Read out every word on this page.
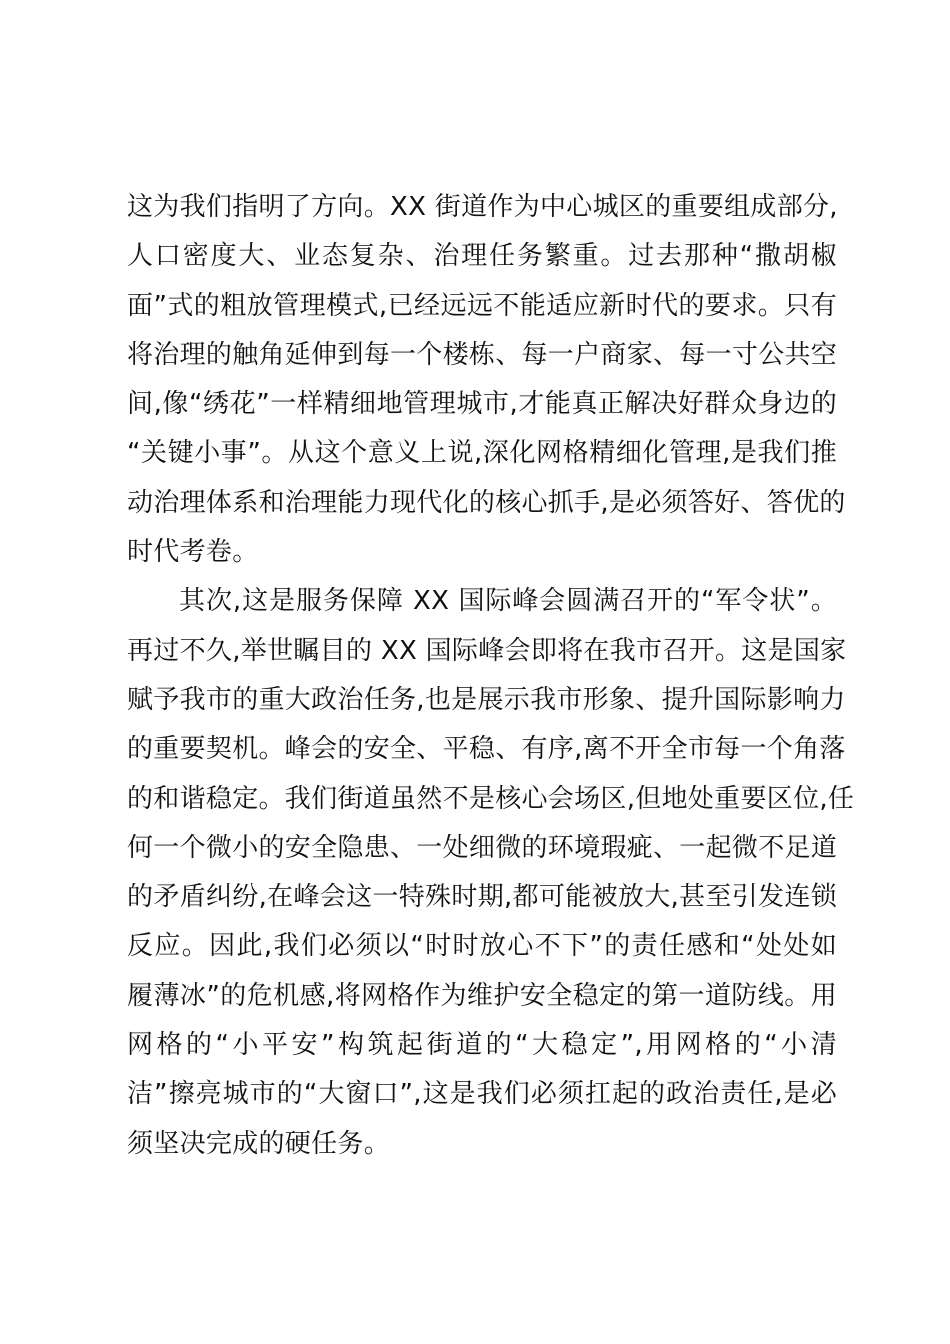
这为我们指明了方向。XX 街道作为中心城区的重要组成部分,
人口密度大、业态复杂、治理任务繁重。过去那种“撒胡椒
面”式的粗放管理模式,已经远远不能适应新时代的要求。只有
将治理的触角延伸到每一个楼栋、每一户商家、每一寸公共空
间,像“绣花”一样精细地管理城市,才能真正解决好群众身边的
“关键小事”。从这个意义上说,深化网格精细化管理,是我们推
动治理体系和治理能力现代化的核心抓手,是必须答好、答优的
时代考卷。

其次,这是服务保障 XX 国际峰会圆满召开的“军令状”。
再过不久,举世瞩目的 XX 国际峰会即将在我市召开。这是国家
赋予我市的重大政治任务,也是展示我市形象、提升国际影响力
的重要契机。峰会的安全、平稳、有序,离不开全市每一个角落
的和谐稳定。我们街道虽然不是核心会场区,但地处重要区位,任
何一个微小的安全隐患、一处细微的环境瑕疵、一起微不足道
的矛盾纠纷,在峰会这一特殊时期,都可能被放大,甚至引发连锁
反应。因此,我们必须以“时时放心不下”的责任感和“处处如
履薄冰”的危机感,将网格作为维护安全稳定的第一道防线。用
网格的“小平安”构筑起街道的“大稳定”,用网格的“小清
洁”擦亮城市的“大窗口”,这是我们必须扛起的政治责任,是必
须坚决完成的硬任务。
